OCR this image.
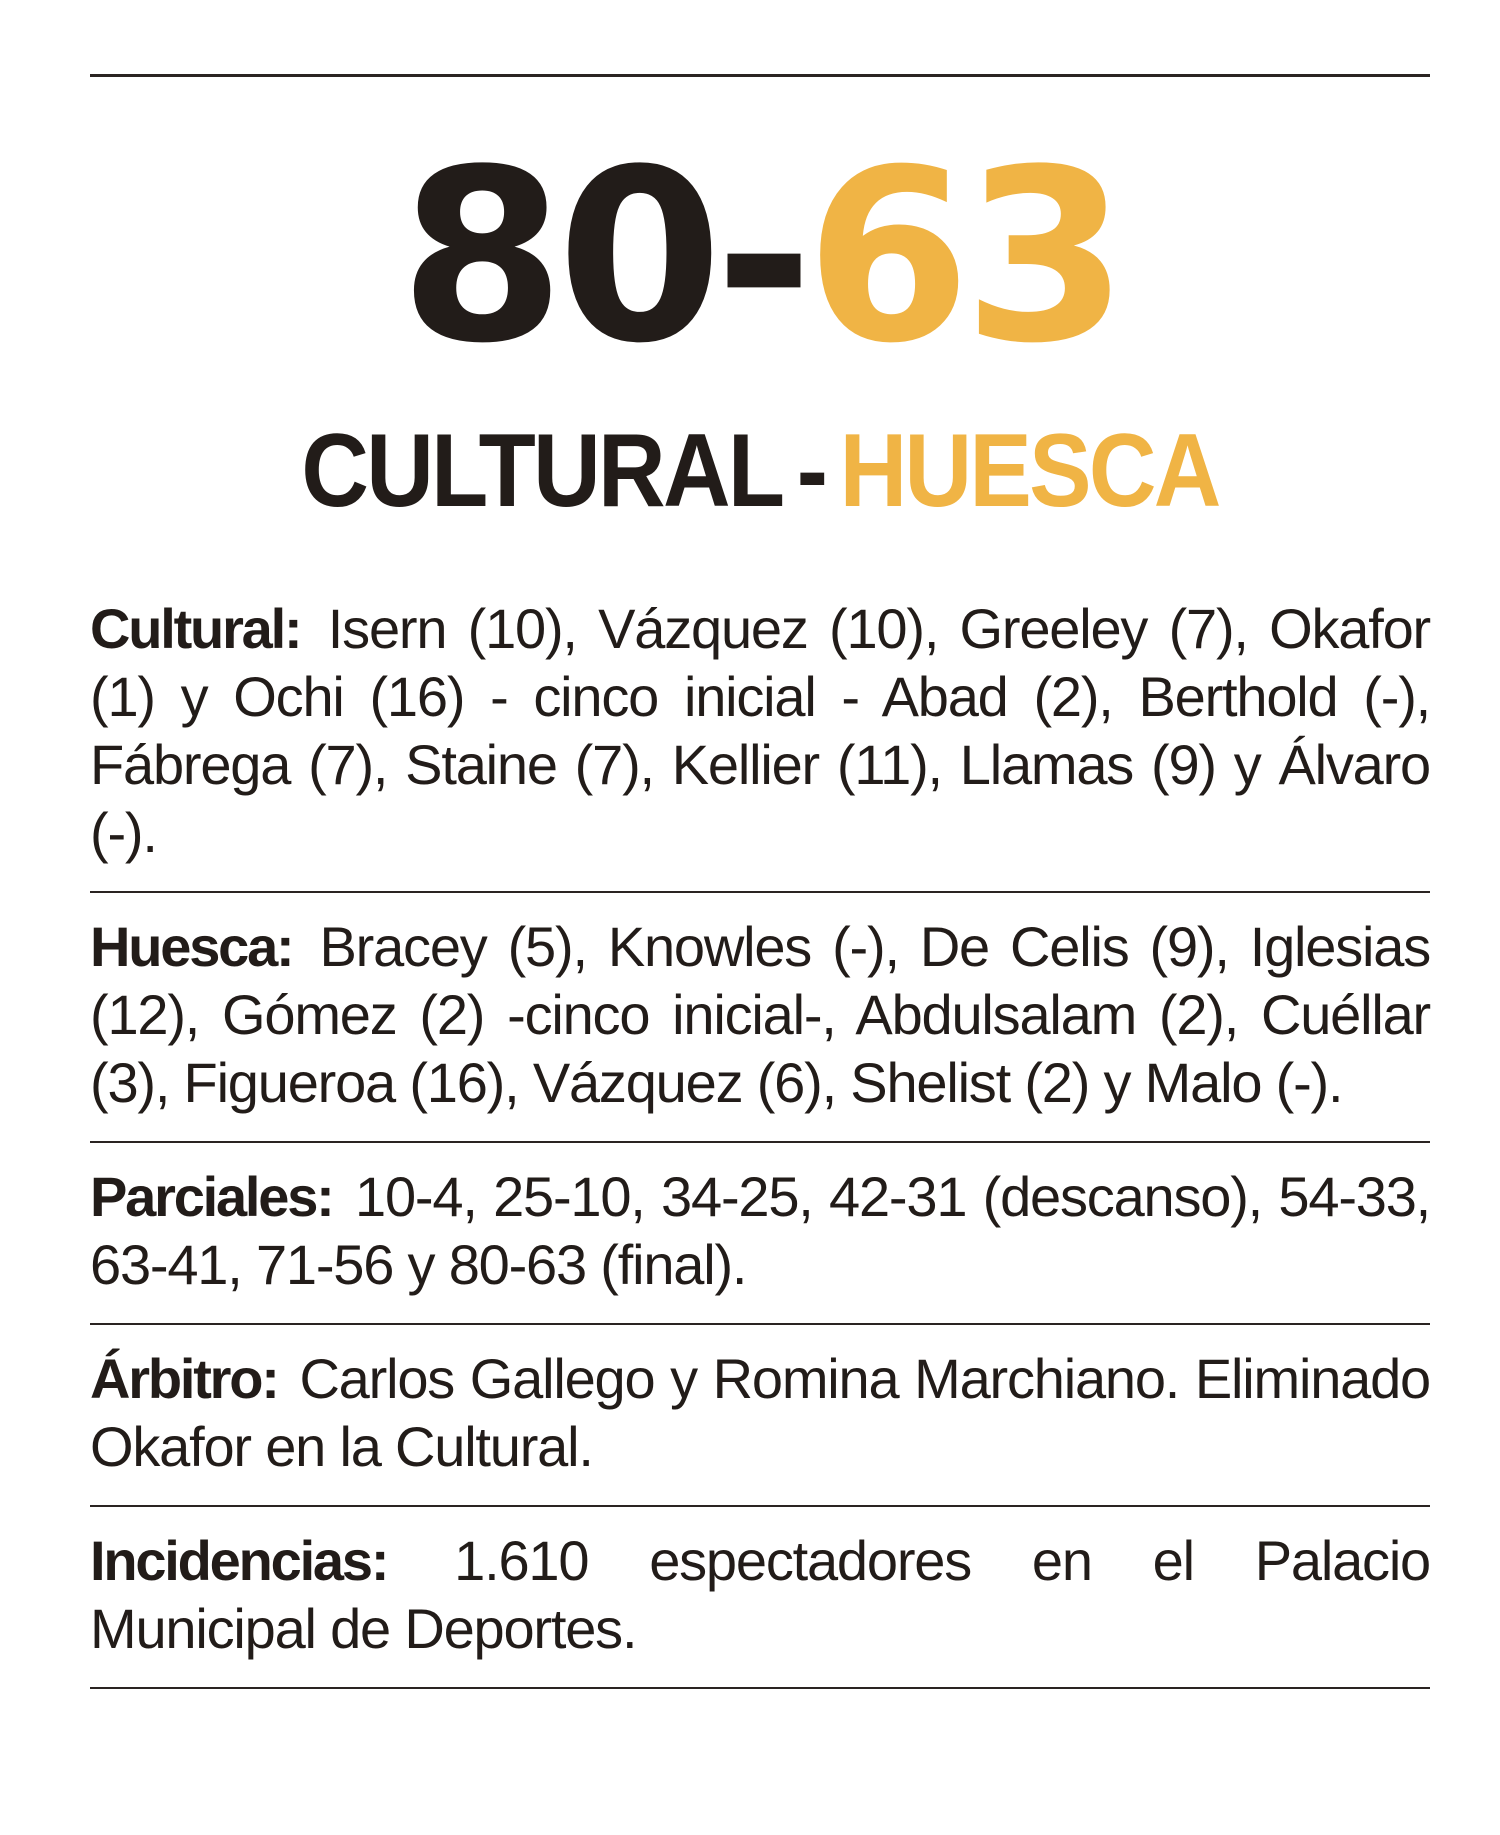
80-63
CULTURAL - HUESCA
Cultural: Isern (10), Vázquez (10), Greeley (7), Okafor (1) y Ochi (16) - cinco inicial - Abad (2), Berthold (-), Fábrega (7), Staine (7), Kellier (11), Llamas (9) y Álvaro (-).
Huesca: Bracey (5), Knowles (-), De Celis (9), Iglesias (12), Gómez (2) -cinco inicial-, Abdulsalam (2), Cuéllar (3), Figueroa (16), Vázquez (6), Shelist (2) y Malo (-).
Parciales: 10-4, 25-10, 34-25, 42-31 (descanso), 54-33, 63-41, 71-56 y 80-63 (final).
Árbitro: Carlos Gallego y Romina Marchiano. Eliminado Okafor en la Cultural.
Incidencias: 1.610 espectadores en el Palacio Municipal de Deportes.
